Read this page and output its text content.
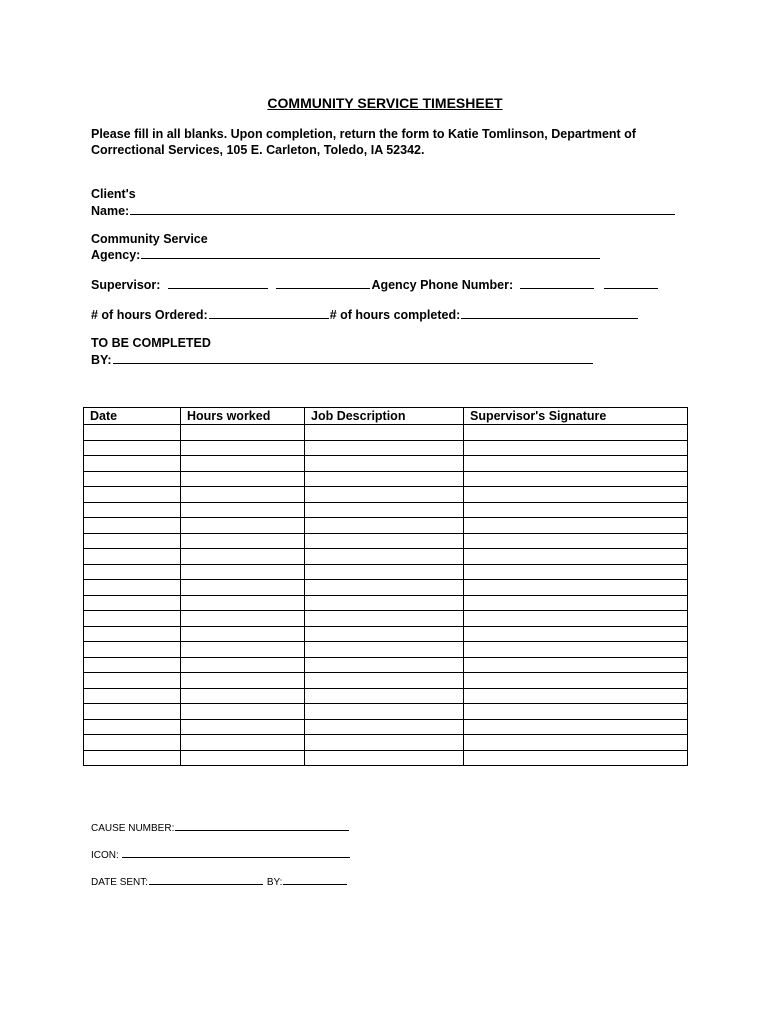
COMMUNITY SERVICE TIMESHEET
Please fill in all blanks. Upon completion, return the form to Katie Tomlinson, Department of
Correctional Services, 105 E. Carleton, Toledo, IA 52342.
Client's
Name:
Community Service
Agency:
Supervisor:	Agency Phone Number:
# of hours Ordered:	# of hours completed:
TO BE COMPLETED
BY:
Date	Hours worked	Job Description	Supervisor's Signature

CAUSE NUMBER:
ICON:
DATE SENT:	BY:
